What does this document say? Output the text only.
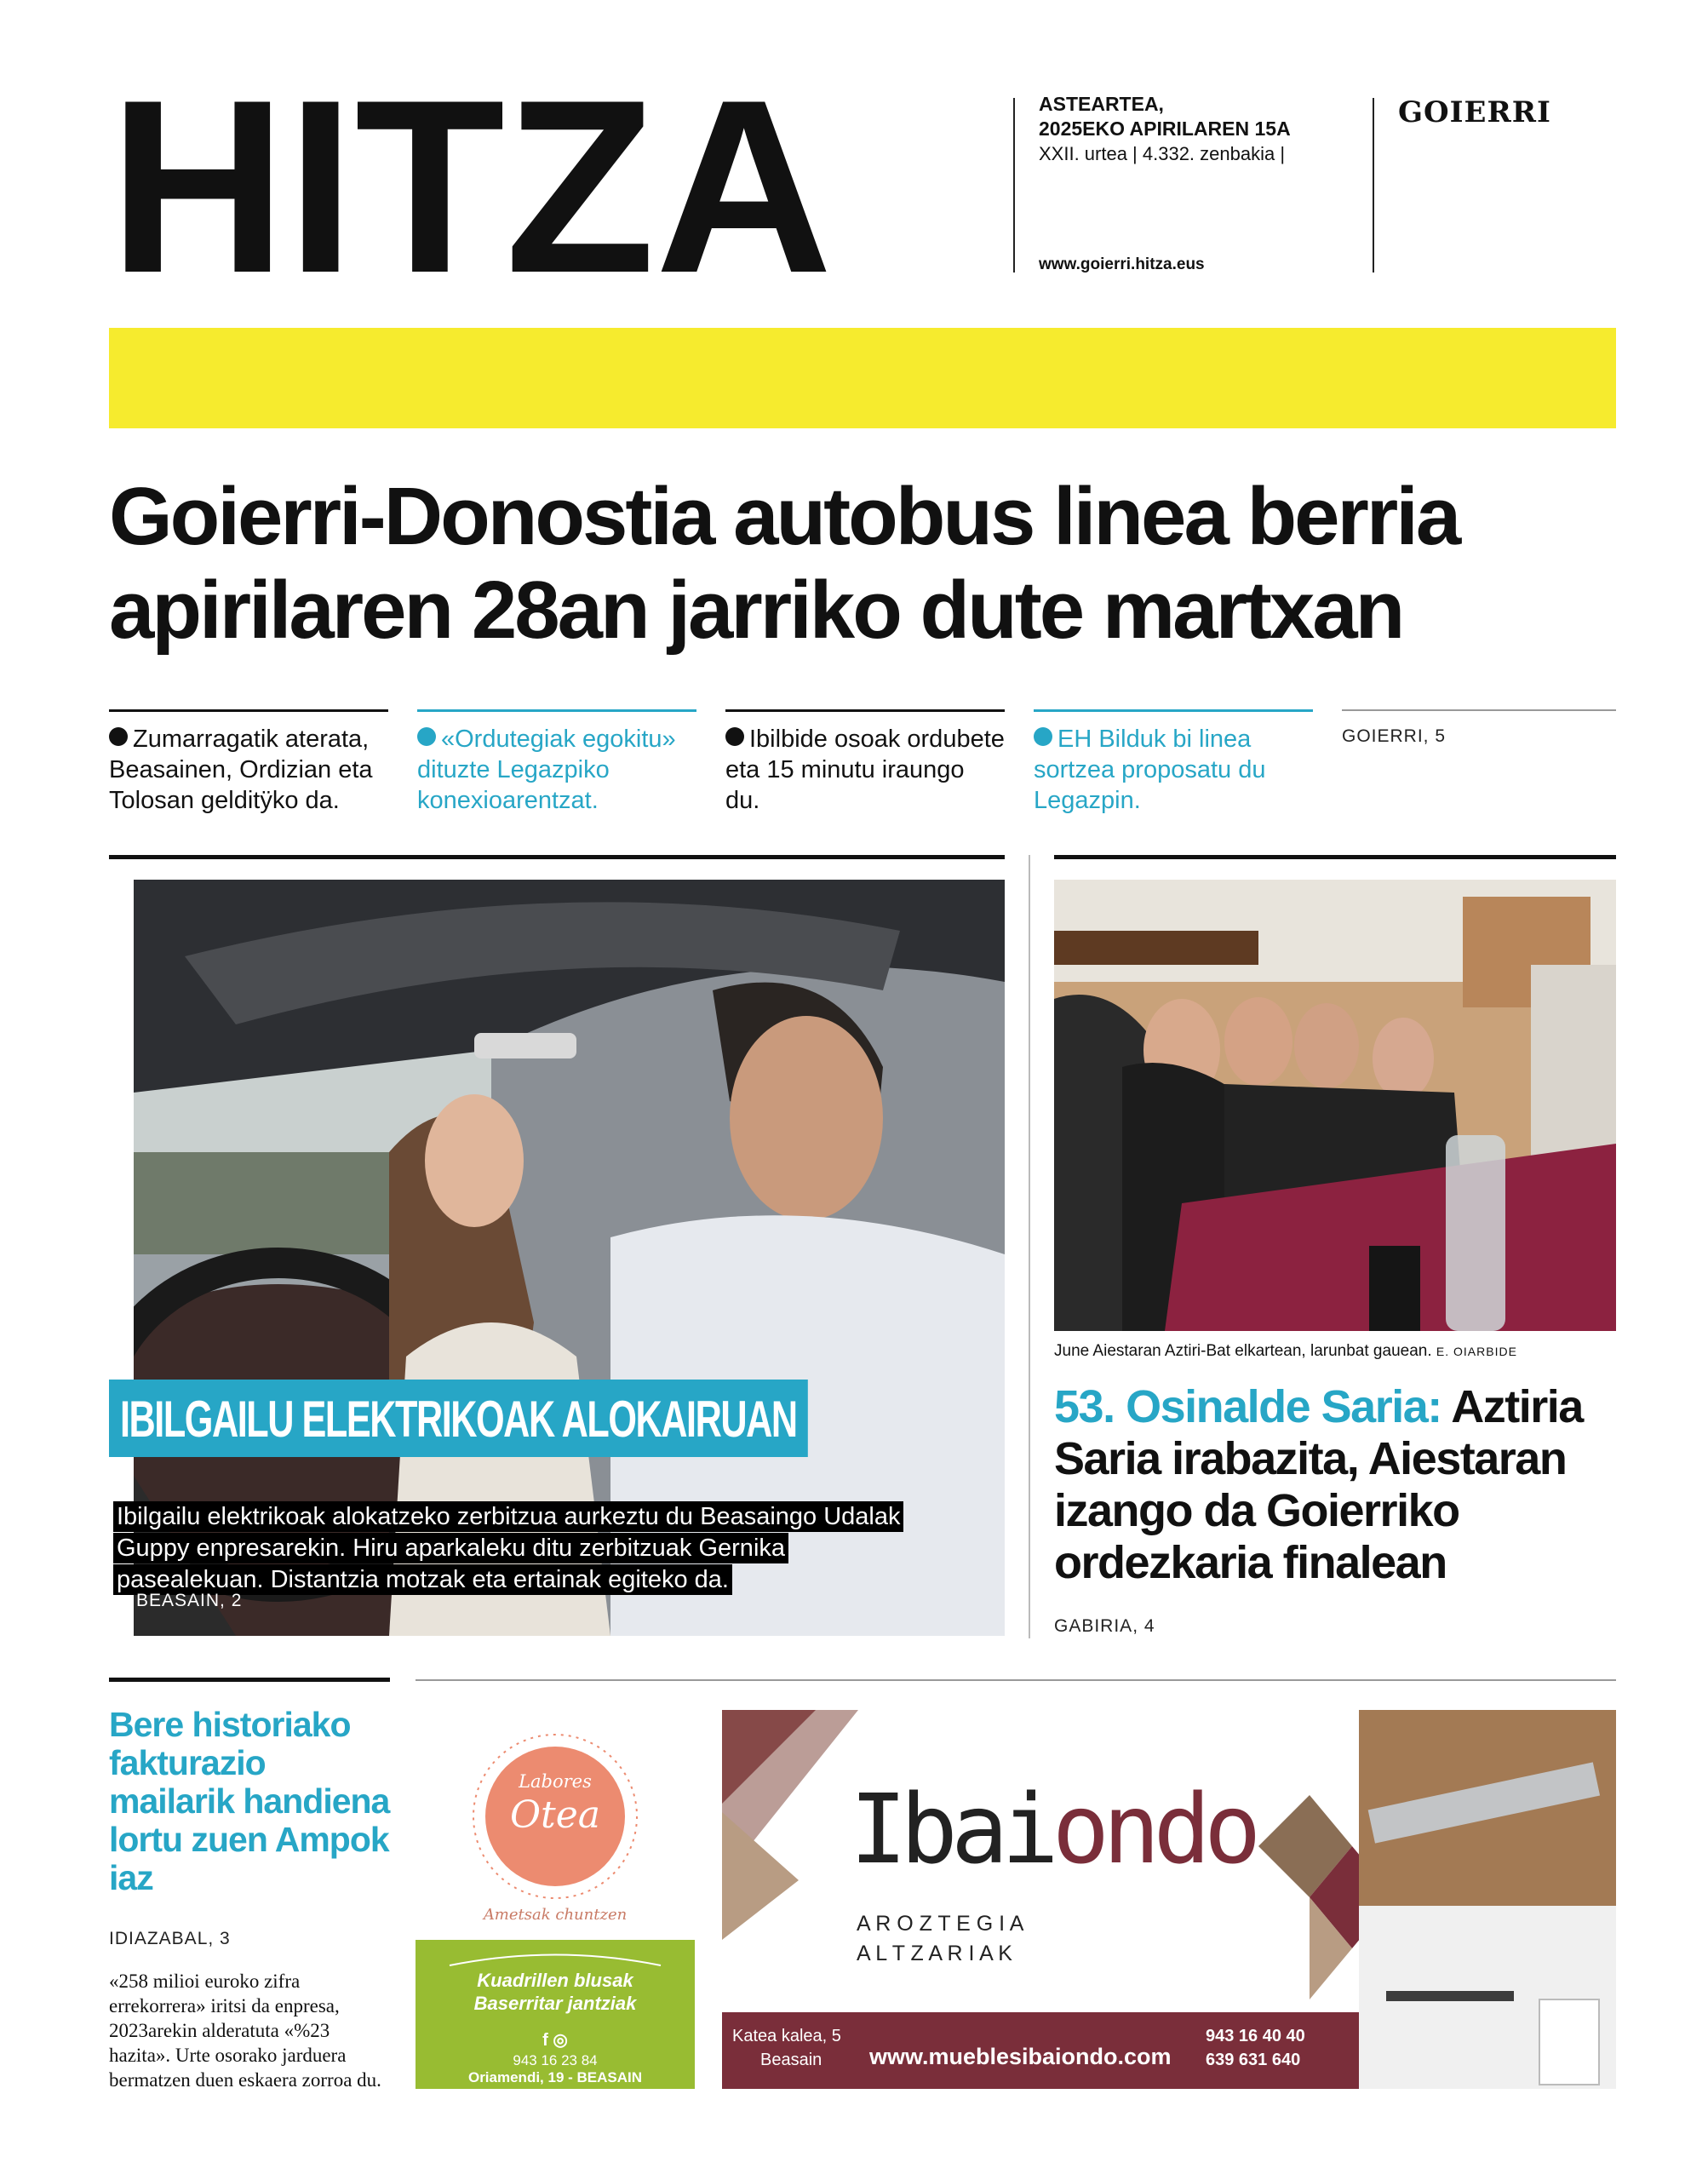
HITZA	ASTEARTEA,
2025EKO APIRILAREN 15A
XXII. urtea | 4.332. zenbakia |
www.goierri.hitza.eus
GOIERRI
Goierri-Donostia autobus linea berria
apirilaren 28an jarriko dute martxan
Zumarragatik aterata, Beasainen, Ordizian eta Tolosan gelditÿko da.
«Ordutegiak egokitu» dituzte Legazpiko konexioarentzat.
Ibilbide osoak ordubete eta 15 minutu iraungo du.
EH Bilduk bi linea sortzea proposatu du Legazpin.
GOIERRI, 5
IBILGAILU ELEKTRIKOAK ALOKAIRUAN
Ibilgailu elektrikoak alokatzeko zerbitzua aurkeztu du Beasaingo Udalak
Guppy enpresarekin. Hiru aparkaleku ditu zerbitzuak Gernika
pasealekuan. Distantzia motzak eta ertainak egiteko da.
BEASAIN, 2
June Aiestaran Aztiri-Bat elkartean, larunbat gauean. E. OIARBIDE
53. Osinalde Saria: Aztiria Saria irabazita, Aiestaran izango da Goierriko ordezkaria finalean
GABIRIA, 4
Bere historiako fakturazio mailarik handiena lortu zuen Ampok iaz
IDIAZABAL, 3
«258 milioi euroko zifra errekorrera» iritsi da enpresa, 2023arekin alderatuta «%23 hazita». Urte osorako jarduera bermatzen duen eskaera zorroa du.
Labores
Otea
Ametsak chuntzen
Kuadrillen blusak
Baserritar jantziak
f ◎
943 16 23 84
Oriamendi, 19 - BEASAIN
Ibaiondo
A R O Z T E G I A
A L T Z A R I A K
Katea kalea, 5
Beasain www.mueblesibaiondo.com
943 16 40 40
639 631 640
